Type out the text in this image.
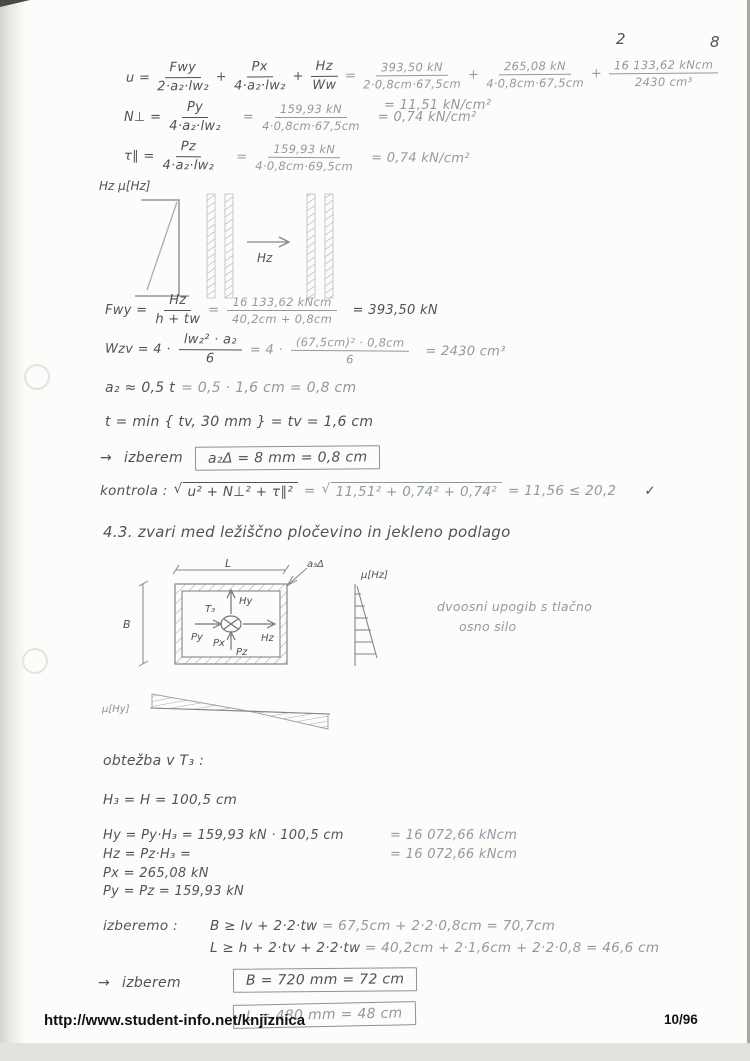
2	8
$u = \frac{\text{Fwy}}{\text{2·a₂·lw₂}} + \frac{Px}{\text{4·a₂·lw₂}} + \frac{Hz}{Ww} = \frac{393,50 kN}{2\cdot 0,8cm\cdot 67,5cm} + \frac{265,08 kN}{4\cdot 0,8cm\cdot 67,5cm} + \frac{\text{16 133,62 kNcm}}{\text{2430 cm³}}$
= 11,51 kN/cm²
N⊥ = $\frac{Py}{\text{4·a₂·lw₂}} = \frac{159,93 kN}{4\cdot 0,8cm\cdot 67,5cm} = 0,74$ kN/cm²
τ∥ = $\frac{Pz}{\text{4·a₂·lw₂}} = \frac{159,93 kN}{4\cdot 0,8cm\cdot 69,5cm} = 0,74$ kN/cm²
Hz μ[Hz]
Hz
Fwy = $\frac{Hz}{h + tw} = \frac{\text{16 133,62 kNcm}}{40,2cm + 0,8cm} = 393,50$ kN
Wzv = $4 \cdot \frac{\text{lw₂² · a₂}}{6} = 4 \cdot \frac{\text{(67,5cm)² · 0,8cm}}{6} = 2430$ cm³
a₂ ≈ 0,5 t = 0,5 · 1,6 cm = 0,8 cm
t = min { tv, 30 mm } = tv = 1,6 cm
→ izberem	a₂Δ = 8 mm = 0,8 cm
kontrola : √ u² + N⊥² + τ∥² = √ 11,51² + 0,74² + 0,74² = 11,56 ≤ 20,2 ✓
4.3. zvari med ležiščno pločevino in jekleno podlago
L	a₃Δ
B
Hy
T₃
Py
Px
Pz
Hz
μ[Hz]
dvoosni upogib s tlačno
osno silo
μ[Hy]
obtežba v T₃ :
H₃ = H = 100,5 cm
Hy = Py·H₃ = 159,93 kN · 100,5 cm	= 16 072,66 kNcm
Hz = Pz·H₃ =	= 16 072,66 kNcm
Px = 265,08 kN
Py = Pz = 159,93 kN
izberemo : B ≥ lv + 2·2·tw = 67,5cm + 2·2·0,8cm = 70,7cm
L ≥ h + 2·tv + 2·2·tw = 40,2cm + 2·1,6cm + 2·2·0,8 = 46,6 cm
→ izberem	B = 720 mm = 72 cm
L = 480 mm = 48 cm
http://www.student-info.net/knjiznica	10/96
